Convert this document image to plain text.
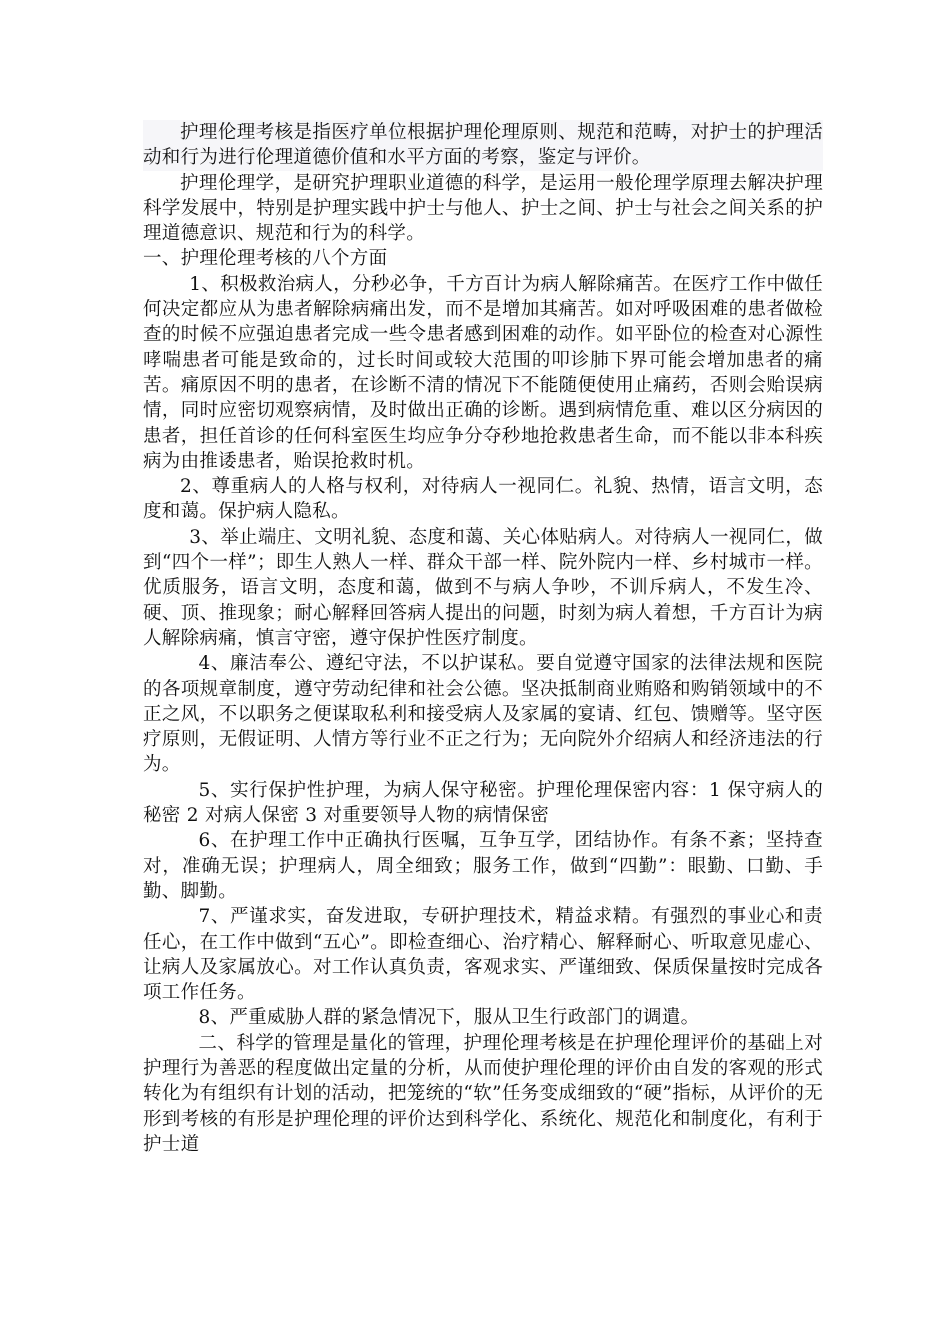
护理伦理考核是指医疗单位根据护理伦理原则、规范和范畴，对护士的护理活动和行为进行伦理道德价值和水平方面的考察，鉴定与评价。

护理伦理学，是研究护理职业道德的科学，是运用一般伦理学原理去解决护理科学发展中，特别是护理实践中护士与他人、护士之间、护士与社会之间关系的护理道德意识、规范和行为的科学。

一、护理伦理考核的八个方面

1、积极救治病人，分秒必争，千方百计为病人解除痛苦。在医疗工作中做任何决定都应从为患者解除病痛出发，而不是增加其痛苦。如对呼吸困难的患者做检查的时候不应强迫患者完成一些令患者感到困难的动作。如平卧位的检查对心源性哮喘患者可能是致命的，过长时间或较大范围的叩诊肺下界可能会增加患者的痛苦。痛原因不明的患者，在诊断不清的情况下不能随便使用止痛药，否则会贻误病情，同时应密切观察病情，及时做出正确的诊断。遇到病情危重、难以区分病因的患者，担任首诊的任何科室医生均应争分夺秒地抢救患者生命，而不能以非本科疾病为由推诿患者，贻误抢救时机。

2、尊重病人的人格与权利，对待病人一视同仁。礼貌、热情，语言文明，态度和蔼。保护病人隐私。

3、举止端庄、文明礼貌、态度和蔼、关心体贴病人。对待病人一视同仁，做到“四个一样”；即生人熟人一样、群众干部一样、院外院内一样、乡村城市一样。优质服务，语言文明，态度和蔼，做到不与病人争吵，不训斥病人，不发生冷、硬、顶、推现象；耐心解释回答病人提出的问题，时刻为病人着想，千方百计为病人解除病痛，慎言守密，遵守保护性医疗制度。

4、廉洁奉公、遵纪守法，不以护谋私。要自觉遵守国家的法律法规和医院的各项规章制度，遵守劳动纪律和社会公德。坚决抵制商业贿赂和购销领域中的不正之风，不以职务之便谋取私利和接受病人及家属的宴请、红包、馈赠等。坚守医疗原则，无假证明、人情方等行业不正之行为；无向院外介绍病人和经济违法的行为。

5、实行保护性护理，为病人保守秘密。护理伦理保密内容：1 保守病人的秘密 2 对病人保密 3 对重要领导人物的病情保密

6、在护理工作中正确执行医嘱，互争互学，团结协作。有条不紊；坚持查对，准确无误；护理病人，周全细致；服务工作，做到“四勤”：眼勤、口勤、手勤、脚勤。

7、严谨求实，奋发进取，专研护理技术，精益求精。有强烈的事业心和责任心，在工作中做到“五心”。即检查细心、治疗精心、解释耐心、听取意见虚心、让病人及家属放心。对工作认真负责，客观求实、严谨细致、保质保量按时完成各项工作任务。

8、严重威胁人群的紧急情况下，服从卫生行政部门的调遣。

二、科学的管理是量化的管理，护理伦理考核是在护理伦理评价的基础上对护理行为善恶的程度做出定量的分析，从而使护理伦理的评价由自发的客观的形式转化为有组织有计划的活动，把笼统的“软”任务变成细致的“硬”指标，从评价的无形到考核的有形是护理伦理的评价达到科学化、系统化、规范化和制度化，有利于护士道
